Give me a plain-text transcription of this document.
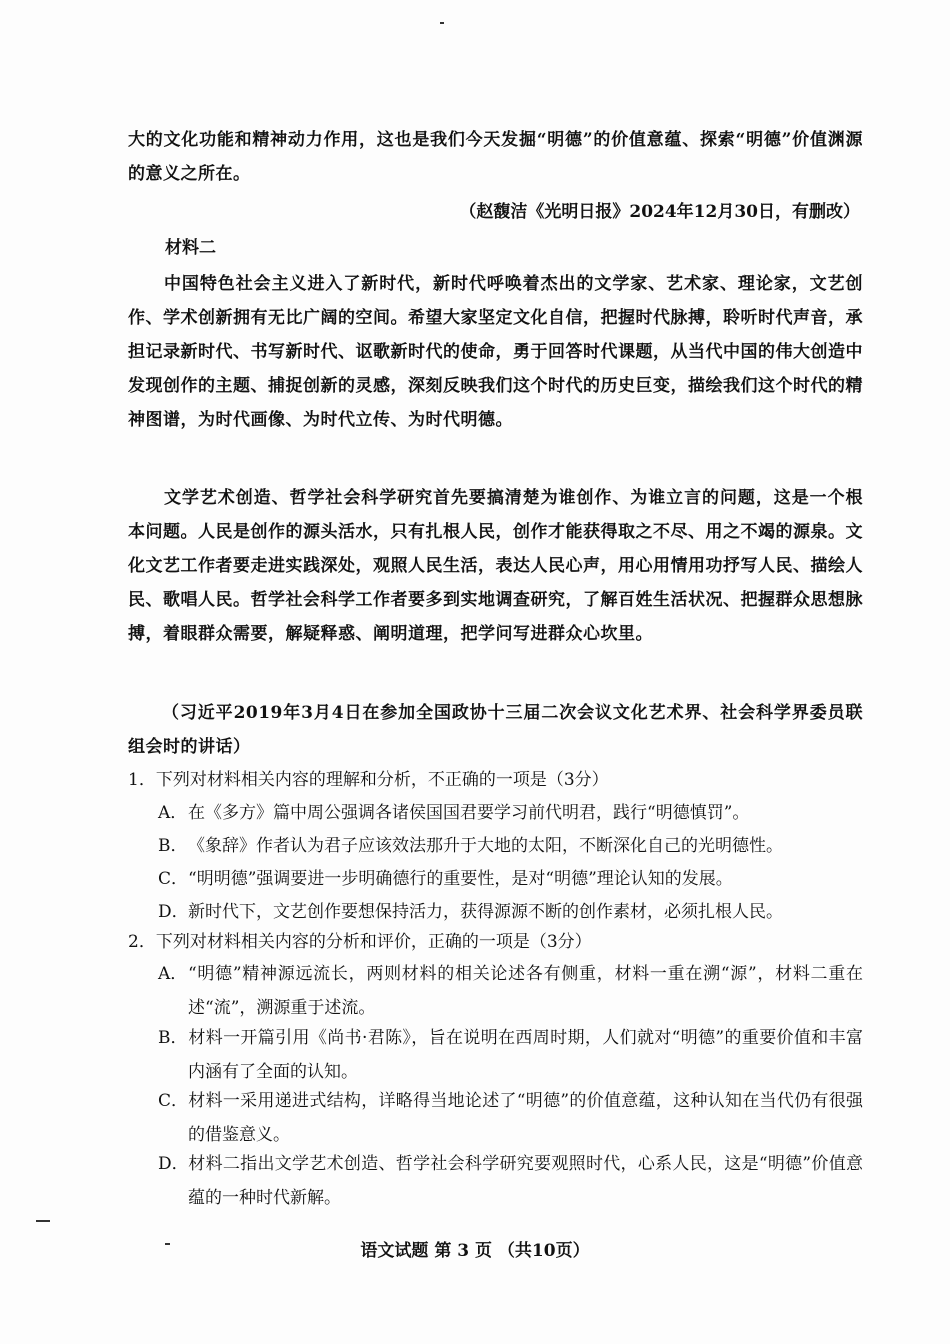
大的文化功能和精神动力作用，这也是我们今天发掘“明德”的价值意蕴、探索“明德”价值渊源的意义之所在。
（赵馥洁《光明日报》2024年12月30日，有删改）
材料二
中国特色社会主义进入了新时代，新时代呼唤着杰出的文学家、艺术家、理论家，文艺创作、学术创新拥有无比广阔的空间。希望大家坚定文化自信，把握时代脉搏，聆听时代声音，承担记录新时代、书写新时代、讴歌新时代的使命，勇于回答时代课题，从当代中国的伟大创造中发现创作的主题、捕捉创新的灵感，深刻反映我们这个时代的历史巨变，描绘我们这个时代的精神图谱，为时代画像、为时代立传、为时代明德。
文学艺术创造、哲学社会科学研究首先要搞清楚为谁创作、为谁立言的问题，这是一个根本问题。人民是创作的源头活水，只有扎根人民，创作才能获得取之不尽、用之不竭的源泉。文化文艺工作者要走进实践深处，观照人民生活，表达人民心声，用心用情用功抒写人民、描绘人民、歌唱人民。哲学社会科学工作者要多到实地调查研究，了解百姓生活状况、把握群众思想脉搏，着眼群众需要，解疑释惑、阐明道理，把学问写进群众心坎里。
（习近平2019年3月4日在参加全国政协十三届二次会议文化艺术界、社会科学界委员联组会时的讲话）
1．下列对材料相关内容的理解和分析，不正确的一项是（3分）
A．在《多方》篇中周公强调各诸侯国国君要学习前代明君，践行“明德慎罚”。
B．《象辞》作者认为君子应该效法那升于大地的太阳，不断深化自己的光明德性。
C．“明明德”强调要进一步明确德行的重要性，是对“明德”理论认知的发展。
D．新时代下，文艺创作要想保持活力，获得源源不断的创作素材，必须扎根人民。
2．下列对材料相关内容的分析和评价，正确的一项是（3分）
A．“明德”精神源远流长，两则材料的相关论述各有侧重，材料一重在溯“源”，材料二重在述“流”，溯源重于述流。
B．材料一开篇引用《尚书·君陈》，旨在说明在西周时期，人们就对“明德”的重要价值和丰富内涵有了全面的认知。
C．材料一采用递进式结构，详略得当地论述了“明德”的价值意蕴，这种认知在当代仍有很强的借鉴意义。
D．材料二指出文学艺术创造、哲学社会科学研究要观照时代，心系人民，这是“明德”价值意蕴的一种时代新解。
语文试题 第 3 页 （共10页）
